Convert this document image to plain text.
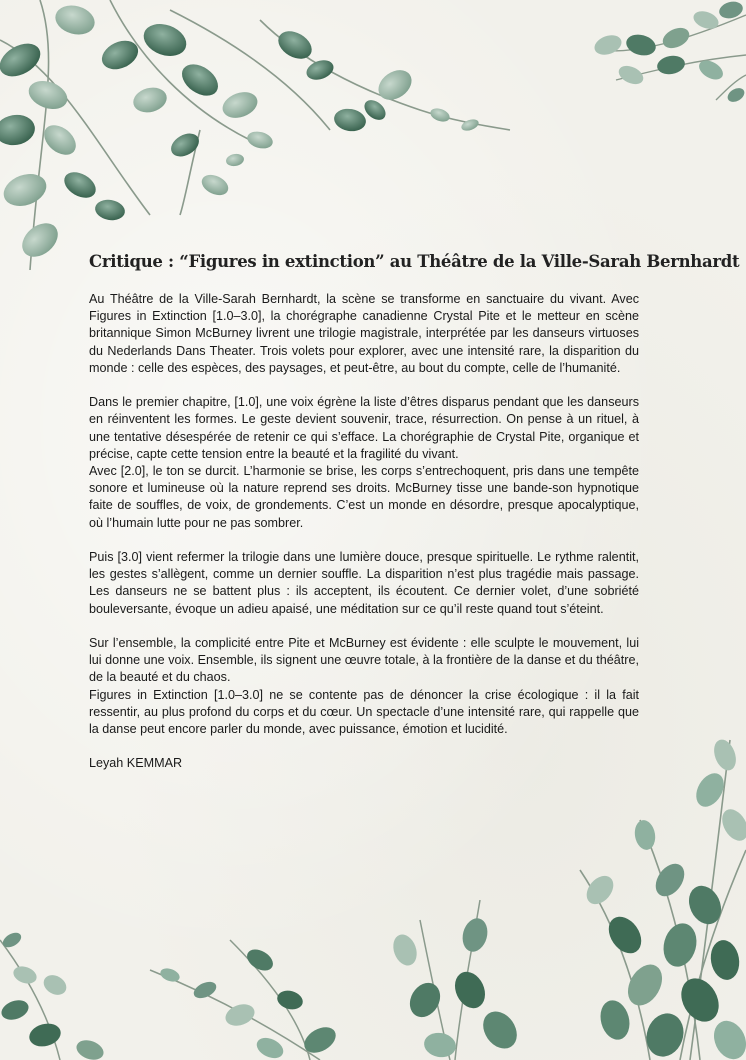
Critique : “Figures in extinction” au Théâtre de la Ville-Sarah Bernhardt

Au Théâtre de la Ville-Sarah Bernhardt, la scène se transforme en sanctuaire du vivant. Avec Figures in Extinction [1.0–3.0], la chorégraphe canadienne Crystal Pite et le metteur en scène britannique Simon McBurney livrent une trilogie magistrale, interprétée par les danseurs virtuoses du Nederlands Dans Theater. Trois volets pour explorer, avec une intensité rare, la disparition du monde : celle des espèces, des paysages, et peut-être, au bout du compte, celle de l’humanité.

Dans le premier chapitre, [1.0], une voix égrène la liste d’êtres disparus pendant que les danseurs en réinventent les formes. Le geste devient souvenir, trace, résurrection. On pense à un rituel, à une tentative désespérée de retenir ce qui s’efface. La chorégraphie de Crystal Pite, organique et précise, capte cette tension entre la beauté et la fragilité du vivant.

Avec [2.0], le ton se durcit. L’harmonie se brise, les corps s’entrechoquent, pris dans une tempête sonore et lumineuse où la nature reprend ses droits. McBurney tisse une bande-son hypnotique faite de souffles, de voix, de grondements. C’est un monde en désordre, presque apocalyptique, où l’humain lutte pour ne pas sombrer.

Puis [3.0] vient refermer la trilogie dans une lumière douce, presque spirituelle. Le rythme ralentit, les gestes s’allègent, comme un dernier souffle. La disparition n’est plus tragédie mais passage. Les danseurs ne se battent plus : ils acceptent, ils écoutent. Ce dernier volet, d’une sobriété bouleversante, évoque un adieu apaisé, une méditation sur ce qu’il reste quand tout s’éteint.

Sur l’ensemble, la complicité entre Pite et McBurney est évidente : elle sculpte le mouvement, lui lui donne une voix. Ensemble, ils signent une œuvre totale, à la frontière de la danse et du théâtre, de la beauté et du chaos.

Figures in Extinction [1.0–3.0] ne se contente pas de dénoncer la crise écologique : il la fait ressentir, au plus profond du corps et du cœur. Un spectacle d’une intensité rare, qui rappelle que la danse peut encore parler du monde, avec puissance, émotion et lucidité.

Leyah KEMMAR
